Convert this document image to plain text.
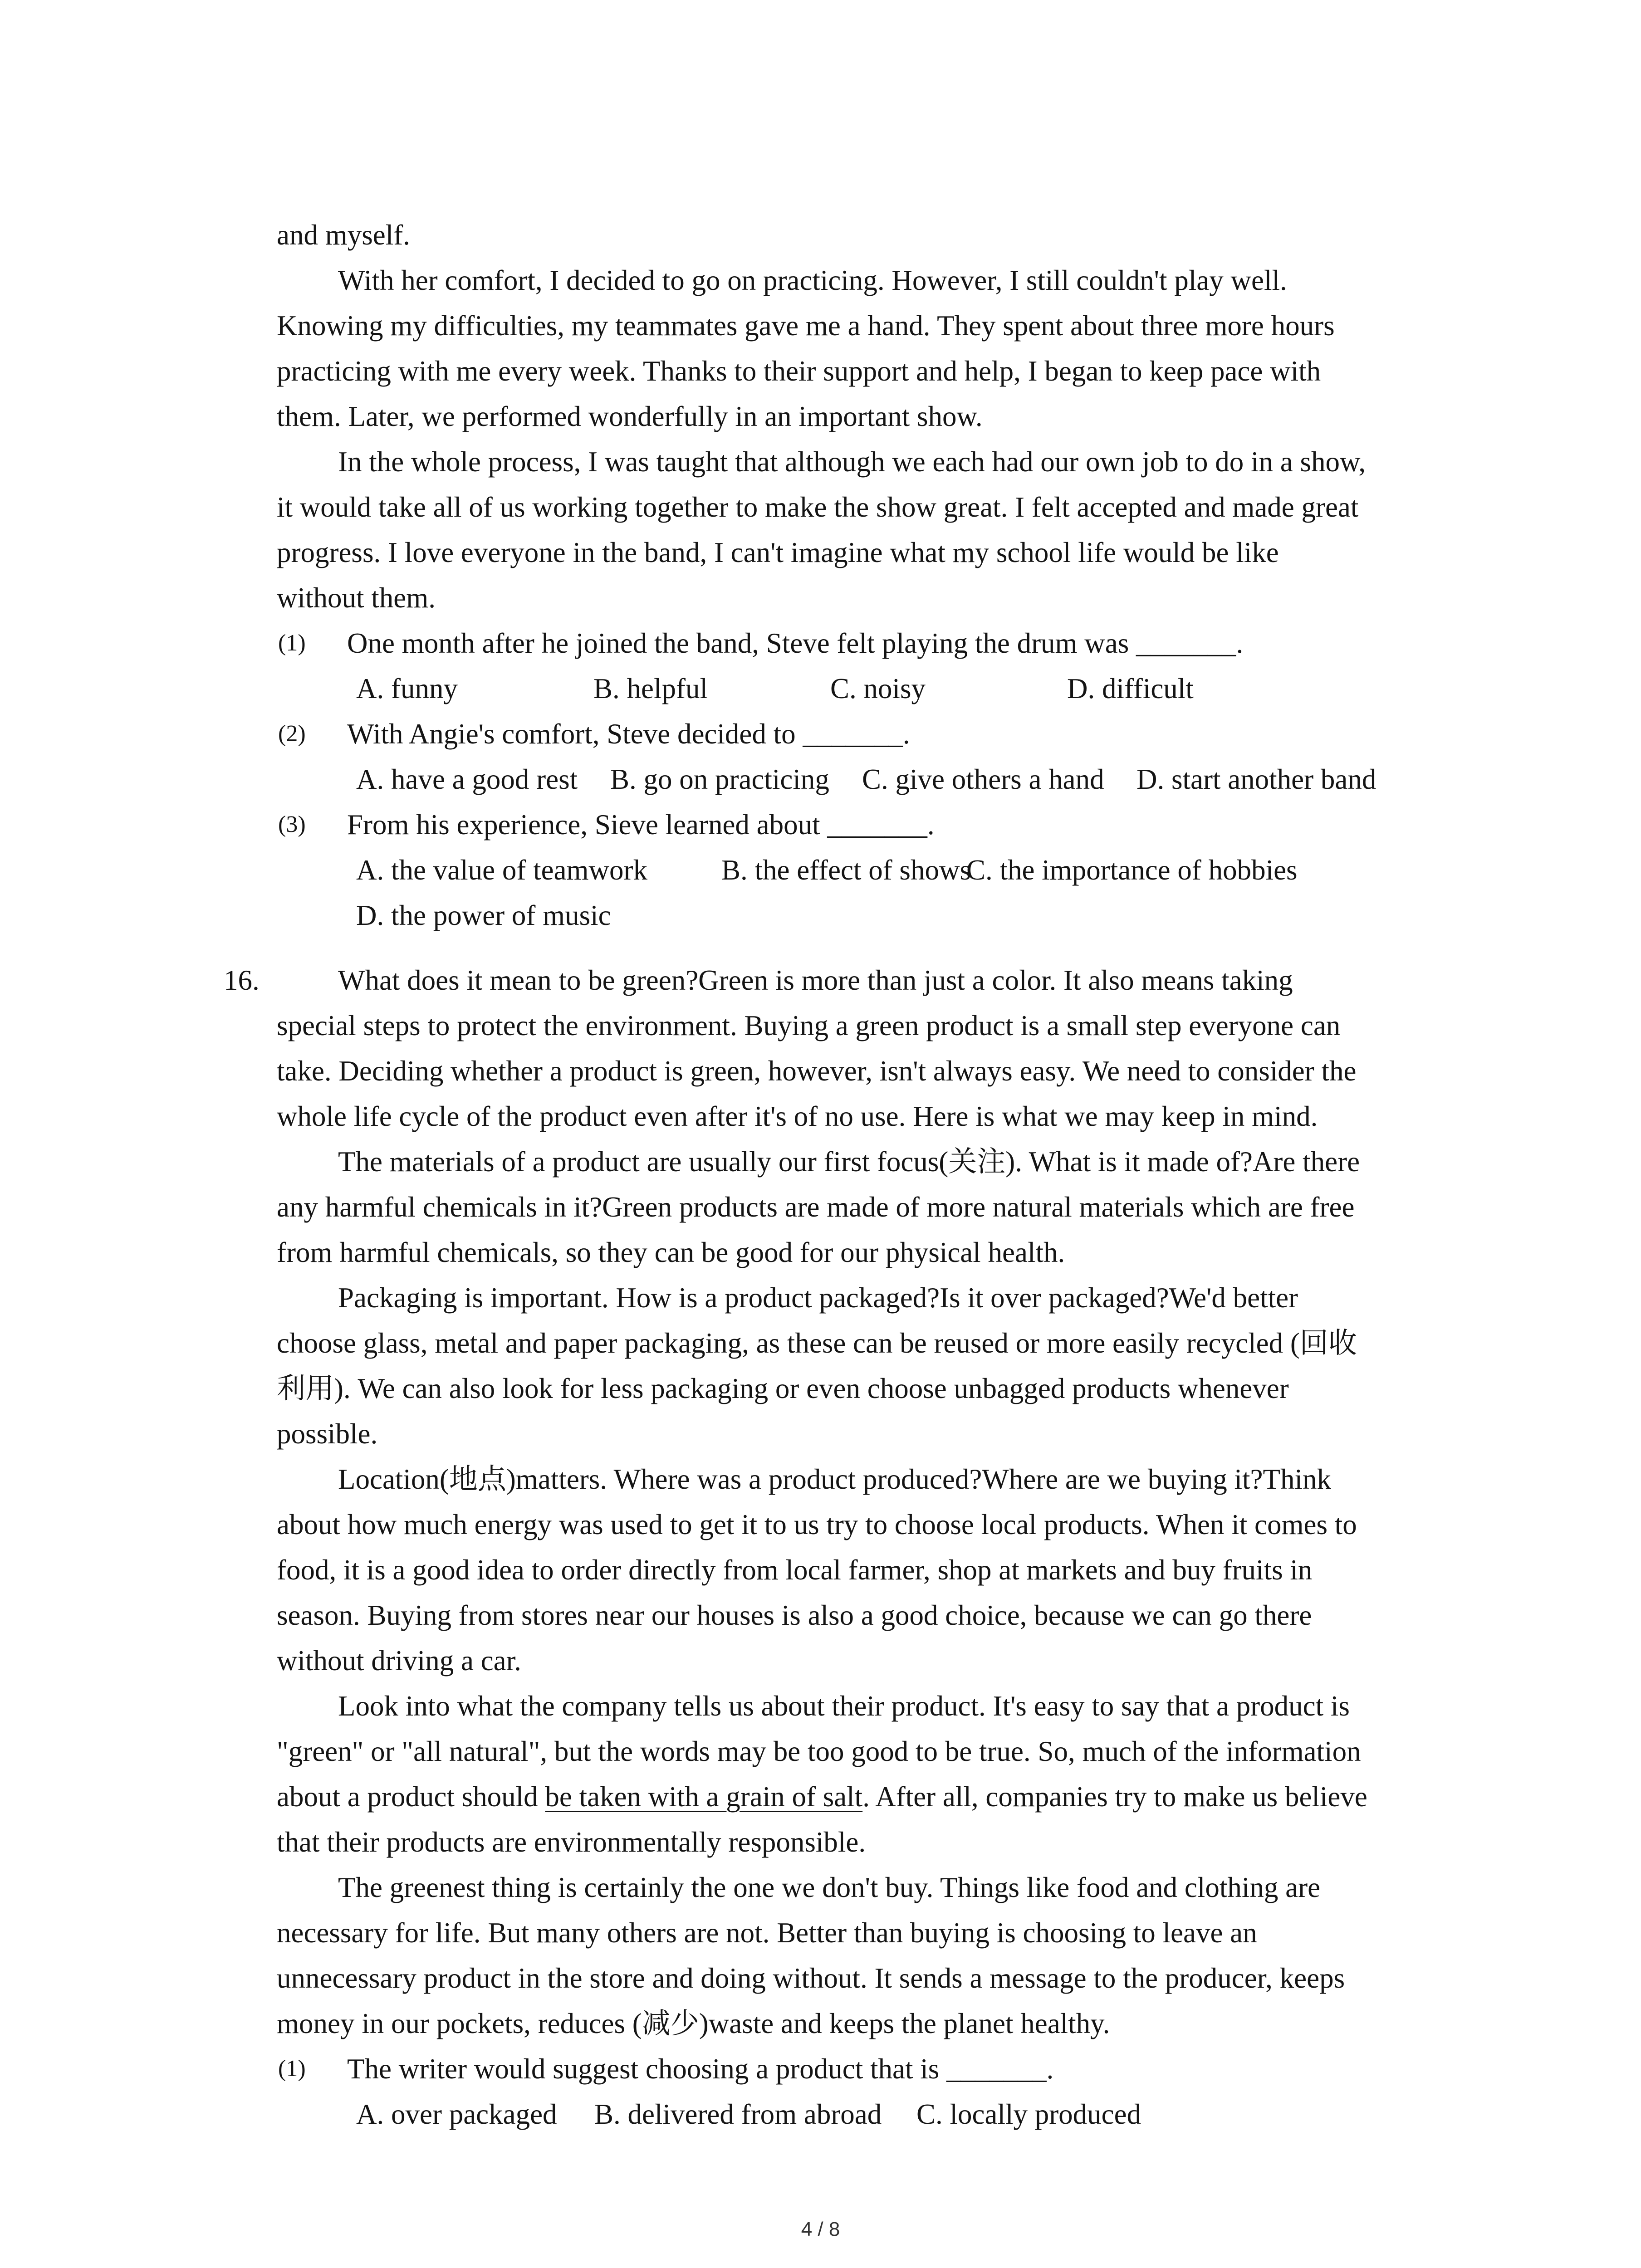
and myself.
With her comfort, I decided to go on practicing. However, I still couldn't play well.
Knowing my difficulties, my teammates gave me a hand. They spent about three more hours
practicing with me every week. Thanks to their support and help, I began to keep pace with
them. Later, we performed wonderfully in an important show.
In the whole process, I was taught that although we each had our own job to do in a show,
it would take all of us working together to make the show great. I felt accepted and made great
progress. I love everyone in the band, I can't imagine what my school life would be like
without them.
(1) One month after he joined the band, Steve felt playing the drum was _______.
A. funny	B. helpful	C. noisy	D. difficult
(2) With Angie's comfort, Steve decided to _______.
A. have a good rest B. go on practicing C. give others a hand D. start another band
(3) From his experience, Sieve learned about _______.
A. the value of teamwork	B. the effect of shows
C. the importance of hobbies
D. the power of music
16.	What does it mean to be green?Green is more than just a color. It also means taking
special steps to protect the environment. Buying a green product is a small step everyone can
take. Deciding whether a product is green, however, isn't always easy. We need to consider the
whole life cycle of the product even after it's of no use. Here is what we may keep in mind.
The materials of a product are usually our first focus(关注). What is it made of?Are there
any harmful chemicals in it?Green products are made of more natural materials which are free
from harmful chemicals, so they can be good for our physical health.
Packaging is important. How is a product packaged?Is it over packaged?We'd better
choose glass, metal and paper packaging, as these can be reused or more easily recycled (回收
利用). We can also look for less packaging or even choose unbagged products whenever
possible.
Location(地点)matters. Where was a product produced?Where are we buying it?Think
about how much energy was used to get it to us try to choose local products. When it comes to
food, it is a good idea to order directly from local farmer, shop at markets and buy fruits in
season. Buying from stores near our houses is also a good choice, because we can go there
without driving a car.
Look into what the company tells us about their product. It's easy to say that a product is
"green" or "all natural", but the words may be too good to be true. So, much of the information
about a product should be taken with a grain of salt. After all, companies try to make us believe
that their products are environmentally responsible.
The greenest thing is certainly the one we don't buy. Things like food and clothing are
necessary for life. But many others are not. Better than buying is choosing to leave an
unnecessary product in the store and doing without. It sends a message to the producer, keeps
money in our pockets, reduces (减少)waste and keeps the planet healthy.
(1) The writer would suggest choosing a product that is _______.
A. over packaged B. delivered from abroad C. locally produced
4 / 8
